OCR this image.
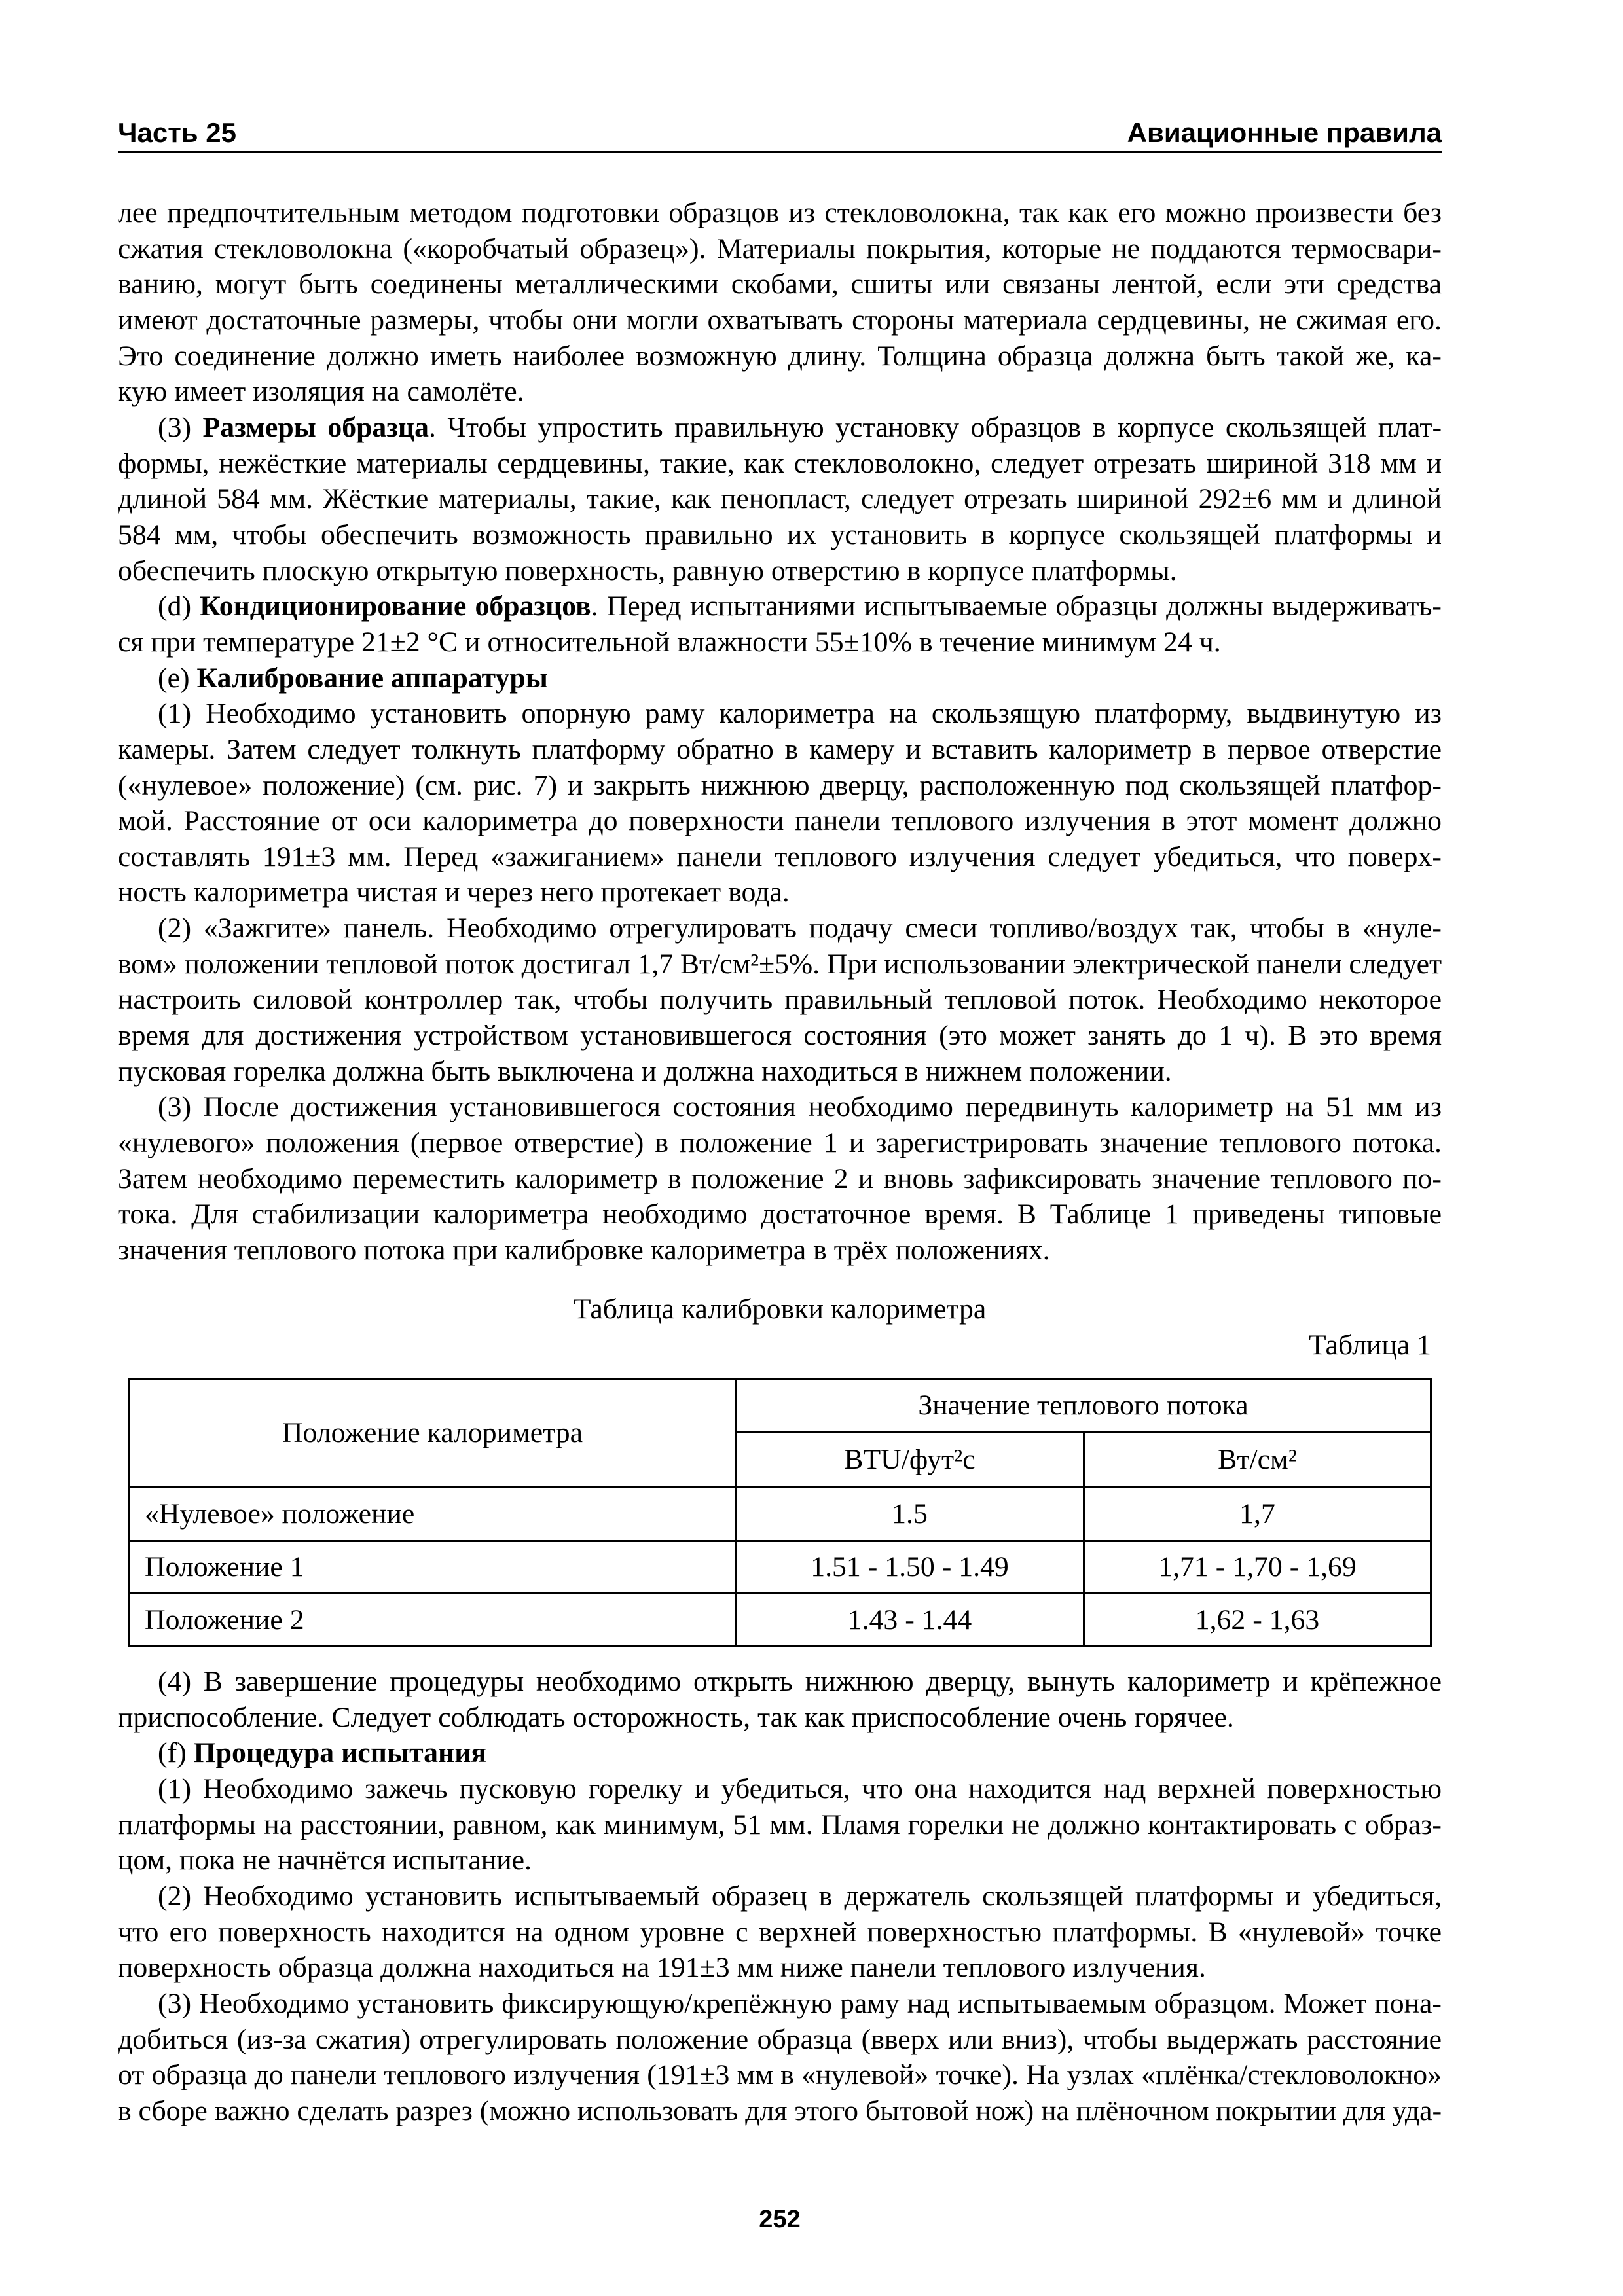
Часть 25	Авиационные правила
лее предпочтительным методом подготовки образцов из стекловолокна, так как его можно произвести без
сжатия стекловолокна («коробчатый образец»). Материалы покрытия, которые не поддаются термосвари-
ванию, могут быть соединены металлическими скобами, сшиты или связаны лентой, если эти средства
имеют достаточные размеры, чтобы они могли охватывать стороны материала сердцевины, не сжимая его.
Это соединение должно иметь наиболее возможную длину. Толщина образца должна быть такой же, ка-
кую имеет изоляция на самолёте.
(3) Размеры образца. Чтобы упростить правильную установку образцов в корпусе скользящей плат-
формы, нежёсткие материалы сердцевины, такие, как стекловолокно, следует отрезать шириной 318 мм и
длиной 584 мм. Жёсткие материалы, такие, как пенопласт, следует отрезать шириной 292±6 мм и длиной
584 мм, чтобы обеспечить возможность правильно их установить в корпусе скользящей платформы и
обеспечить плоскую открытую поверхность, равную отверстию в корпусе платформы.
(d) Кондиционирование образцов. Перед испытаниями испытываемые образцы должны выдерживать-
ся при температуре 21±2 °С и относительной влажности 55±10% в течение минимум 24 ч.
(e) Калибрование аппаратуры
(1) Необходимо установить опорную раму калориметра на скользящую платформу, выдвинутую из
камеры. Затем следует толкнуть платформу обратно в камеру и вставить калориметр в первое отверстие
(«нулевое» положение) (см. рис. 7) и закрыть нижнюю дверцу, расположенную под скользящей платфор-
мой. Расстояние от оси калориметра до поверхности панели теплового излучения в этот момент должно
составлять 191±3 мм. Перед «зажиганием» панели теплового излучения следует убедиться, что поверх-
ность калориметра чистая и через него протекает вода.
(2) «Зажгите» панель. Необходимо отрегулировать подачу смеси топливо/воздух так, чтобы в «нуле-
вом» положении тепловой поток достигал 1,7 Вт/см²±5%. При использовании электрической панели следует
настроить силовой контроллер так, чтобы получить правильный тепловой поток. Необходимо некоторое
время для достижения устройством установившегося состояния (это может занять до 1 ч). В это время
пусковая горелка должна быть выключена и должна находиться в нижнем положении.
(3) После достижения установившегося состояния необходимо передвинуть калориметр на 51 мм из
«нулевого» положения (первое отверстие) в положение 1 и зарегистрировать значение теплового потока.
Затем необходимо переместить калориметр в положение 2 и вновь зафиксировать значение теплового по-
тока. Для стабилизации калориметра необходимо достаточное время. В Таблице 1 приведены типовые
значения теплового потока при калибровке калориметра в трёх положениях.
Таблица калибровки калориметра
Таблица 1
Положение калориметра	Значение теплового потока	
	BTU/фут²с	Вт/см²
«Нулевое» положение	1.5	1,7
Положение 1	1.51 - 1.50 - 1.49	1,71 - 1,70 - 1,69
Положение 2	1.43 - 1.44	1,62 - 1,63
(4) В завершение процедуры необходимо открыть нижнюю дверцу, вынуть калориметр и крёпежное
приспособление. Следует соблюдать осторожность, так как приспособление очень горячее.
(f) Процедура испытания
(1) Необходимо зажечь пусковую горелку и убедиться, что она находится над верхней поверхностью
платформы на расстоянии, равном, как минимум, 51 мм. Пламя горелки не должно контактировать с образ-
цом, пока не начнётся испытание.
(2) Необходимо установить испытываемый образец в держатель скользящей платформы и убедиться,
что его поверхность находится на одном уровне с верхней поверхностью платформы. В «нулевой» точке
поверхность образца должна находиться на 191±3 мм ниже панели теплового излучения.
(3) Необходимо установить фиксирующую/крепёжную раму над испытываемым образцом. Может пона-
добиться (из-за сжатия) отрегулировать положение образца (вверх или вниз), чтобы выдержать расстояние
от образца до панели теплового излучения (191±3 мм в «нулевой» точке). На узлах «плёнка/стекловолокно»
в сборе важно сделать разрез (можно использовать для этого бытовой нож) на плёночном покрытии для уда-
252
